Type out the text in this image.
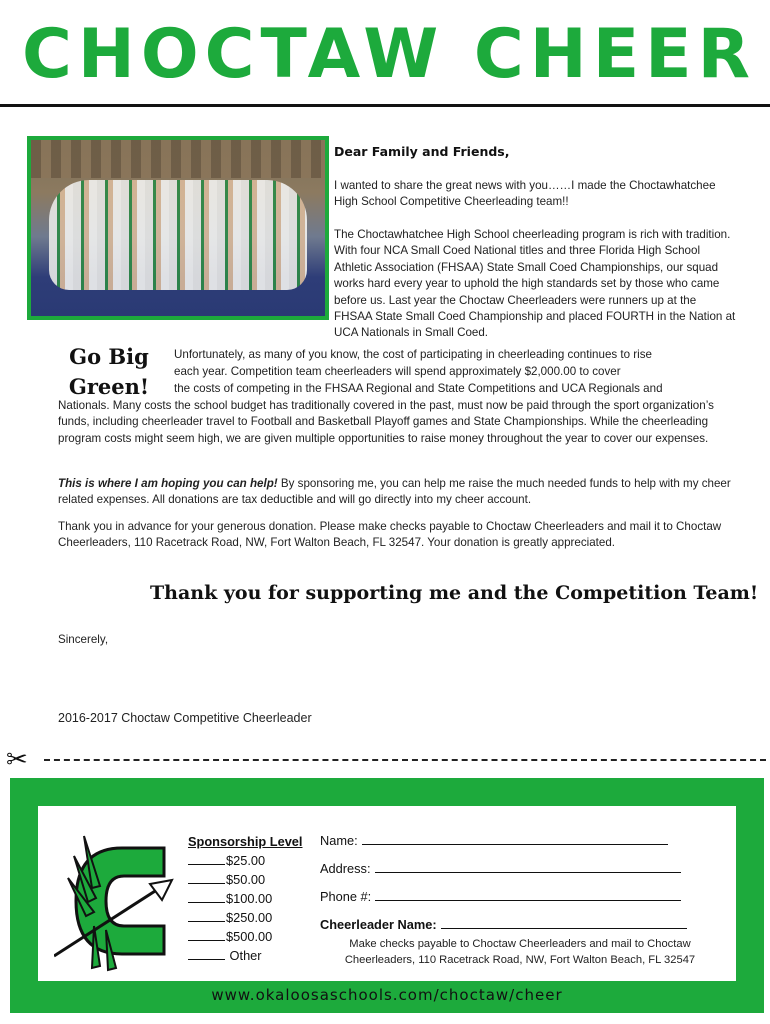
CHOCTAW CHEER
Dear Family and Friends,

I wanted to share the great news with you……I made the Choctawhatchee High School Competitive Cheerleading team!!

The Choctawhatchee High School cheerleading program is rich with tradition. With four NCA Small Coed National titles and three Florida High School Athletic Association (FHSAA) State Small Coed Championships, our squad works hard every year to uphold the high standards set by those who came before us. Last year the Choctaw Cheerleaders were runners up at the FHSAA State Small Coed Championship and placed FOURTH in the Nation at UCA Nationals in Small Coed.

Go Big
Green!

Unfortunately, as many of you know, the cost of participating in cheerleading continues to rise

each year. Competition team cheerleaders will spend approximately $2,000.00 to cover

the costs of competing in the FHSAA Regional and State Competitions and UCA Regionals and

Nationals. Many costs the school budget has traditionally covered in the past, must now be paid through the sport organization’s funds, including cheerleader travel to Football and Basketball Playoff games and State Championships. While the cheerleading program costs might seem high, we are given multiple opportunities to raise money throughout the year to cover our expenses.

This is where I am hoping you can help! By sponsoring me, you can help me raise the much needed funds to help with my cheer related expenses. All donations are tax deductible and will go directly into my cheer account.

Thank you in advance for your generous donation. Please make checks payable to Choctaw Cheerleaders and mail it to Choctaw Cheerleaders, 110 Racetrack Road, NW, Fort Walton Beach, FL 32547. Your donation is greatly appreciated.

Thank you for supporting me and the Competition Team!

Sincerely,

2016-2017 Choctaw Competitive Cheerleader

✂
Sponsorship Level
$25.00
$50.00
$100.00
$250.00
$500.00
Other
Name:
Address:
Phone #:
Cheerleader Name:
Make checks payable to Choctaw Cheerleaders and mail to Choctaw Cheerleaders, 110 Racetrack Road, NW, Fort Walton Beach, FL 32547
www.okaloosaschools.com/choctaw/cheer
